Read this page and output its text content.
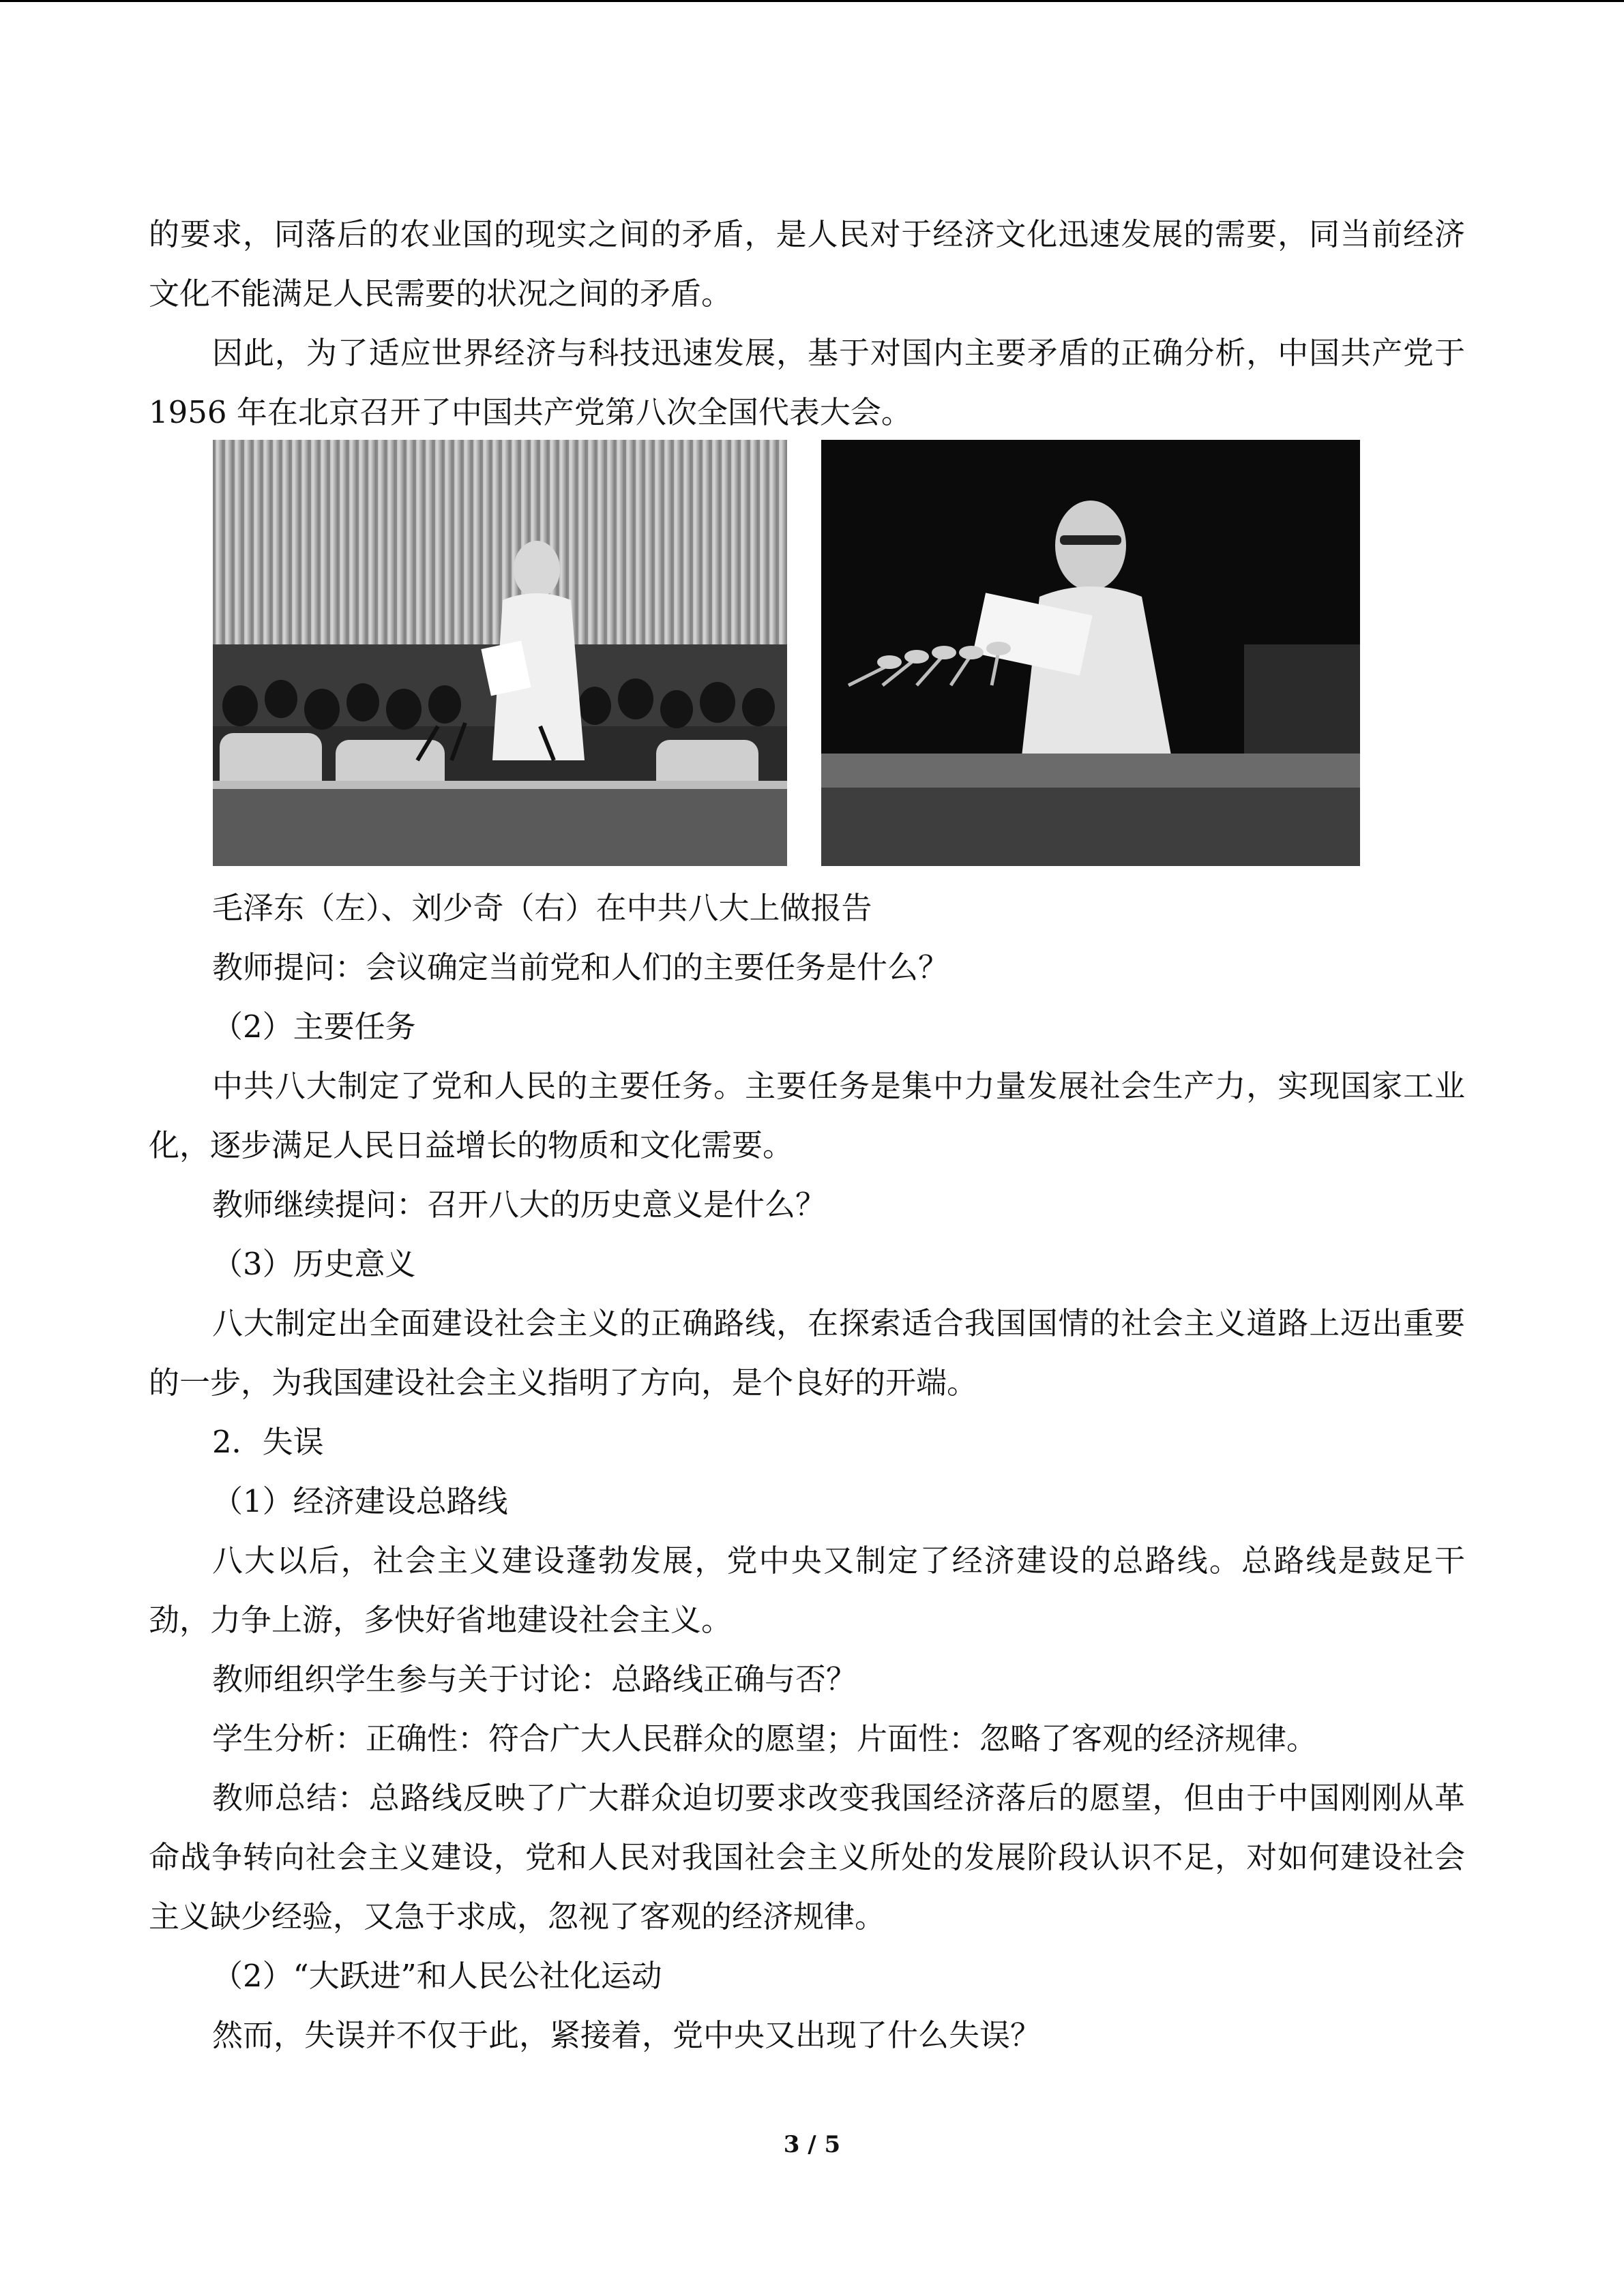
的要求，同落后的农业国的现实之间的矛盾，是人民对于经济文化迅速发展的需要，同当前经济文化不能满足人民需要的状况之间的矛盾。

因此，为了适应世界经济与科技迅速发展，基于对国内主要矛盾的正确分析，中国共产党于 1956 年在北京召开了中国共产党第八次全国代表大会。

毛泽东（左）、刘少奇（右）在中共八大上做报告

教师提问：会议确定当前党和人们的主要任务是什么？

（2）主要任务

中共八大制定了党和人民的主要任务。主要任务是集中力量发展社会生产力，实现国家工业化，逐步满足人民日益增长的物质和文化需要。

教师继续提问：召开八大的历史意义是什么？

（3）历史意义

八大制定出全面建设社会主义的正确路线，在探索适合我国国情的社会主义道路上迈出重要的一步，为我国建设社会主义指明了方向，是个良好的开端。

2．失误

（1）经济建设总路线

八大以后，社会主义建设蓬勃发展，党中央又制定了经济建设的总路线。总路线是鼓足干劲，力争上游，多快好省地建设社会主义。

教师组织学生参与关于讨论：总路线正确与否？

学生分析：正确性：符合广大人民群众的愿望；片面性：忽略了客观的经济规律。

教师总结：总路线反映了广大群众迫切要求改变我国经济落后的愿望，但由于中国刚刚从革命战争转向社会主义建设，党和人民对我国社会主义所处的发展阶段认识不足，对如何建设社会主义缺少经验，又急于求成，忽视了客观的经济规律。

（2）“大跃进”和人民公社化运动

然而，失误并不仅于此，紧接着，党中央又出现了什么失误？

3 / 5
